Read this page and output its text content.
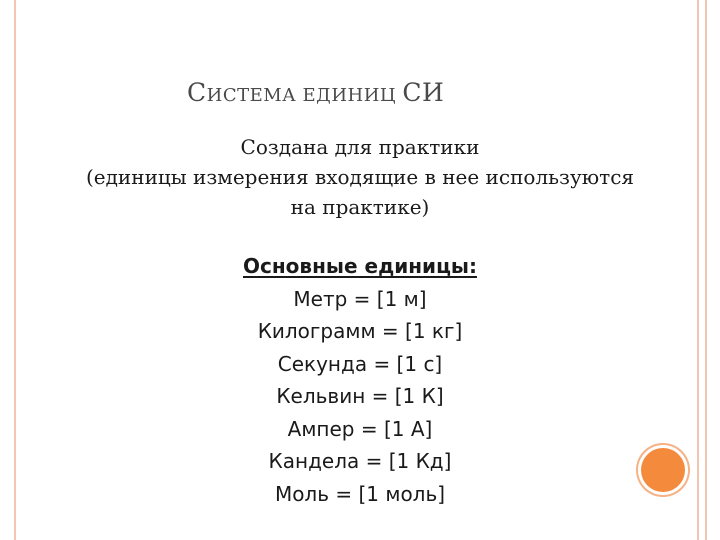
СИСТЕМА ЕДИНИЦ СИ
Создана для практики
(единицы измерения входящие в нее используются
на практике)
Основные единицы:
Метр = [1 м]
Килограмм = [1 кг]
Секунда = [1 с]
Кельвин = [1 К]
Ампер = [1 А]
Кандела = [1 Кд]
Моль = [1 моль]
